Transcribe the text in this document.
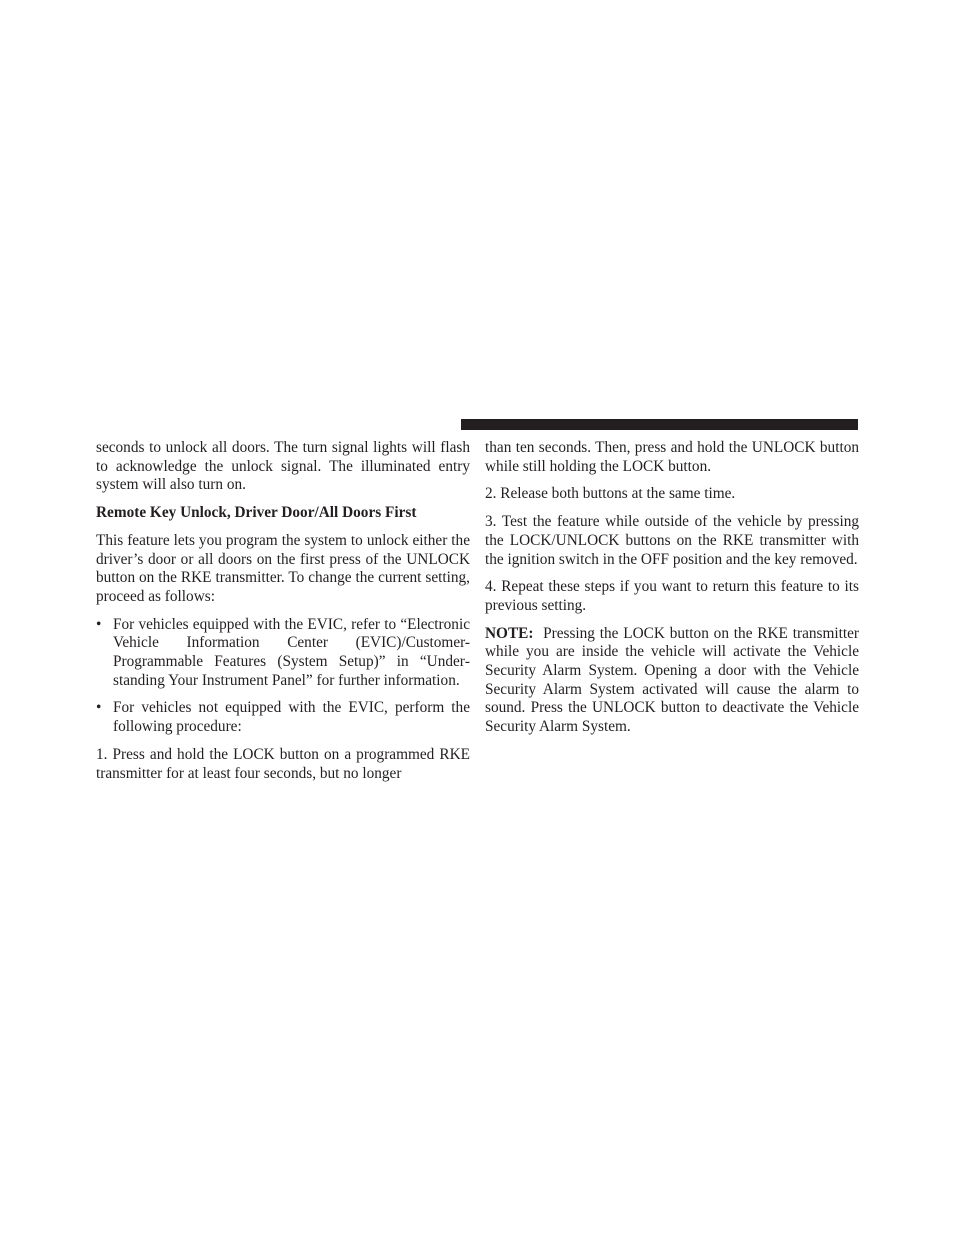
seconds to unlock all doors. The turn signal lights will flash to acknowledge the unlock signal. The illuminated entry system will also turn on.

Remote Key Unlock, Driver Door/All Doors First

This feature lets you program the system to unlock either the driver’s door or all doors on the first press of the UNLOCK button on the RKE transmitter. To change the current setting, proceed as follows:

• For vehicles equipped with the EVIC, refer to “Electronic Vehicle Information Center (EVIC)/Customer-Programmable Features (System Setup)” in “Understanding Your Instrument Panel” for further information.
• For vehicles not equipped with the EVIC, perform the following procedure:

1. Press and hold the LOCK button on a programmed RKE transmitter for at least four seconds, but no longer

than ten seconds. Then, press and hold the UNLOCK button while still holding the LOCK button.

2. Release both buttons at the same time.

3. Test the feature while outside of the vehicle by pressing the LOCK/UNLOCK buttons on the RKE transmitter with the ignition switch in the OFF position and the key removed.

4. Repeat these steps if you want to return this feature to its previous setting.

NOTE: Pressing the LOCK button on the RKE transmitter while you are inside the vehicle will activate the Vehicle Security Alarm System. Opening a door with the Vehicle Security Alarm System activated will cause the alarm to sound. Press the UNLOCK button to deactivate the Vehicle Security Alarm System.
